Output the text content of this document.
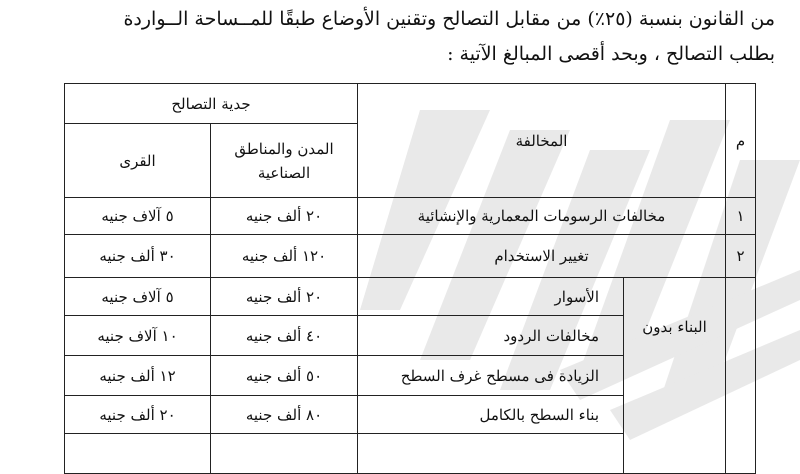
من القانون بنسبة (٢٥٪) من مقابل التصالح وتقنين الأوضاع طبقًا للمــساحة الــواردة
بطلب التصالح ، وبحد أقصى المبالغ الآتية :
م	المخالفة		جدية التصالح	
			المدن والمناطق الصناعية	القرى
١	مخالفات الرسومات المعمارية والإنشائية		٢٠ ألف جنيه	٥ آلاف جنيه
٢	تغيير الاستخدام		١٢٠ ألف جنيه	٣٠ ألف جنيه
	البناء بدون	الأسوار	٢٠ ألف جنيه	٥ آلاف جنيه
		مخالفات الردود	٤٠ ألف جنيه	١٠ آلاف جنيه
		الزيادة فى مسطح غرف السطح	٥٠ ألف جنيه	١٢ ألف جنيه
		بناء السطح بالكامل	٨٠ ألف جنيه	٢٠ ألف جنيه
